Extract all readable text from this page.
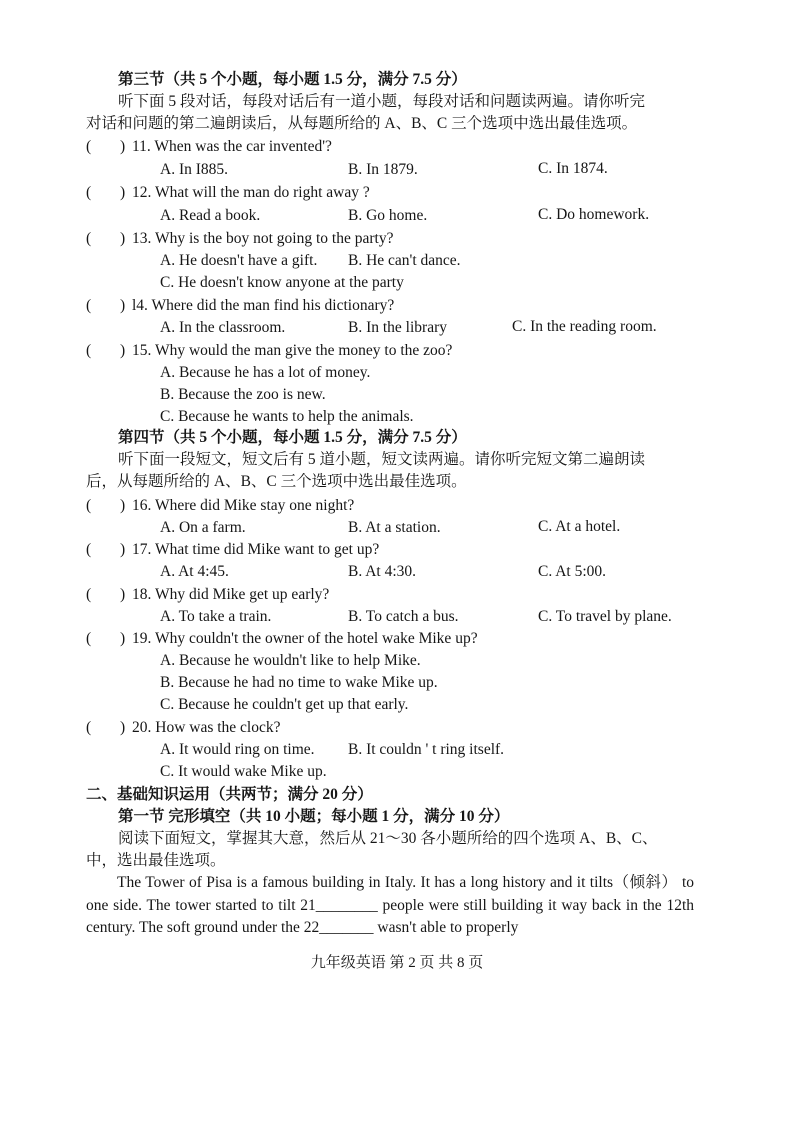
第三节（共 5 个小题，每小题 1.5 分，满分 7.5 分）
听下面 5 段对话，每段对话后有一道小题，每段对话和问题读两遍。请你听完
对话和问题的第二遍朗读后，从每题所给的 A、B、C 三个选项中选出最佳选项。
( ) 11. When was the car invented'?
A. In I885.	B. In 1879.	C. In 1874.
( ) 12. What will the man do right away ?
A. Read a book.	B. Go home.	C. Do homework.
( ) 13. Why is the boy not going to the party?
A. He doesn't have a gift. B. He can't dance.
C. He doesn't know anyone at the party
( ) l4. Where did the man find his dictionary?
A. In the classroom.	B. In the library	C. In the reading room.
( ) 15. Why would the man give the money to the zoo?
A. Because he has a lot of money.
B. Because the zoo is new.
C. Because he wants to help the animals.
第四节（共 5 个小题，每小题 1.5 分，满分 7.5 分）
听下面一段短文，短文后有 5 道小题，短文读两遍。请你听完短文第二遍朗读
后，从每题所给的 A、B、C 三个选项中选出最佳选项。
( ) 16. Where did Mike stay one night?
A. On a farm.	B. At a station.	C. At a hotel.
( ) 17. What time did Mike want to get up?
A. At 4:45.	B. At 4:30.	C. At 5:00.
( ) 18. Why did Mike get up early?
A. To take a train.	B. To catch a bus.	C. To travel by plane.
( ) 19. Why couldn't the owner of the hotel wake Mike up?
A. Because he wouldn't like to help Mike.
B. Because he had no time to wake Mike up.
C. Because he couldn't get up that early.
( ) 20. How was the clock?
A. It would ring on time. B. It couldn ' t ring itself.
C. It would wake Mike up.
二、基础知识运用（共两节；满分 20 分）
第一节 完形填空（共 10 小题；每小题 1 分，满分 10 分）
阅读下面短文，掌握其大意，然后从 21～30 各小题所给的四个选项 A、B、C、
中，选出最佳选项。
The Tower of Pisa is a famous building in Italy. It has a long history and it tilts（倾斜） to one side. The tower started to tilt 21________ people were still building it way back in the 12th century. The soft ground under the 22_______ wasn't able to properly
九年级英语 第 2 页 共 8 页
